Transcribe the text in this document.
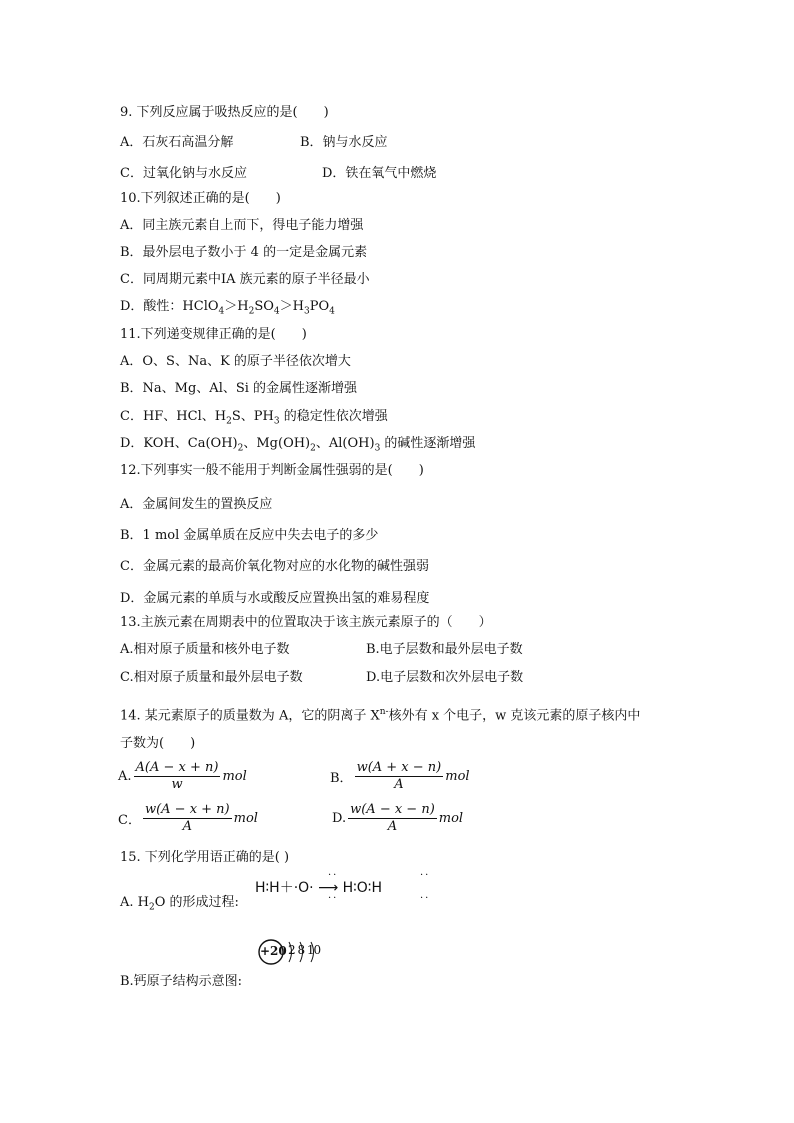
9. 下列反应属于吸热反应的是(　　)
A．石灰石高温分解	B．钠与水反应
C．过氧化钠与水反应	D．铁在氧气中燃烧
10.下列叙述正确的是(　　)
A．同主族元素自上而下，得电子能力增强
B．最外层电子数小于 4 的一定是金属元素
C．同周期元素中ⅠA 族元素的原子半径最小
D．酸性：$HClO_4>H_2SO_4>H_3PO_4$
11.下列递变规律正确的是(　　)
A．O、S、Na、K 的原子半径依次增大
B．Na、Mg、Al、Si 的金属性逐渐增强
C．HF、HCl、$H_2S$、$PH_3$ 的稳定性依次增强
D．KOH、$Ca(OH)_2$、$Mg(OH)_2$、$Al(OH)_3$ 的碱性逐渐增强
12.下列事实一般不能用于判断金属性强弱的是(　　)
A．金属间发生的置换反应
B．1 mol 金属单质在反应中失去电子的多少
C．金属元素的最高价氧化物对应的水化物的碱性强弱
D．金属元素的单质与水或酸反应置换出氢的难易程度
13.主族元素在周期表中的位置取决于该主族元素原子的（　　）
A.相对原子质量和核外电子数	B.电子层数和最外层电子数
C.相对原子质量和最外层电子数	D.电子层数和次外层电子数
14. 某元素原子的质量数为 A，它的阴离子 $X^{n-}$核外有 x 个电子，w 克该元素的原子核内中
子数为(　　)
A. $\frac{A(A - x + n)}{w}$ mol	B． $\frac{w(A + x - n)}{A}$ mol
C． $\frac{w(A - x + n)}{A}$ mol	D. $\frac{w(A - x - n)}{A}$ mol
15. 下列化学用语正确的是( )
A. $H_2O$ 的形成过程:
H∶H＋·O· ⟶ H∶O∶H
··
··
··
··
+20 2 8 10
B.钙原子结构示意图:
